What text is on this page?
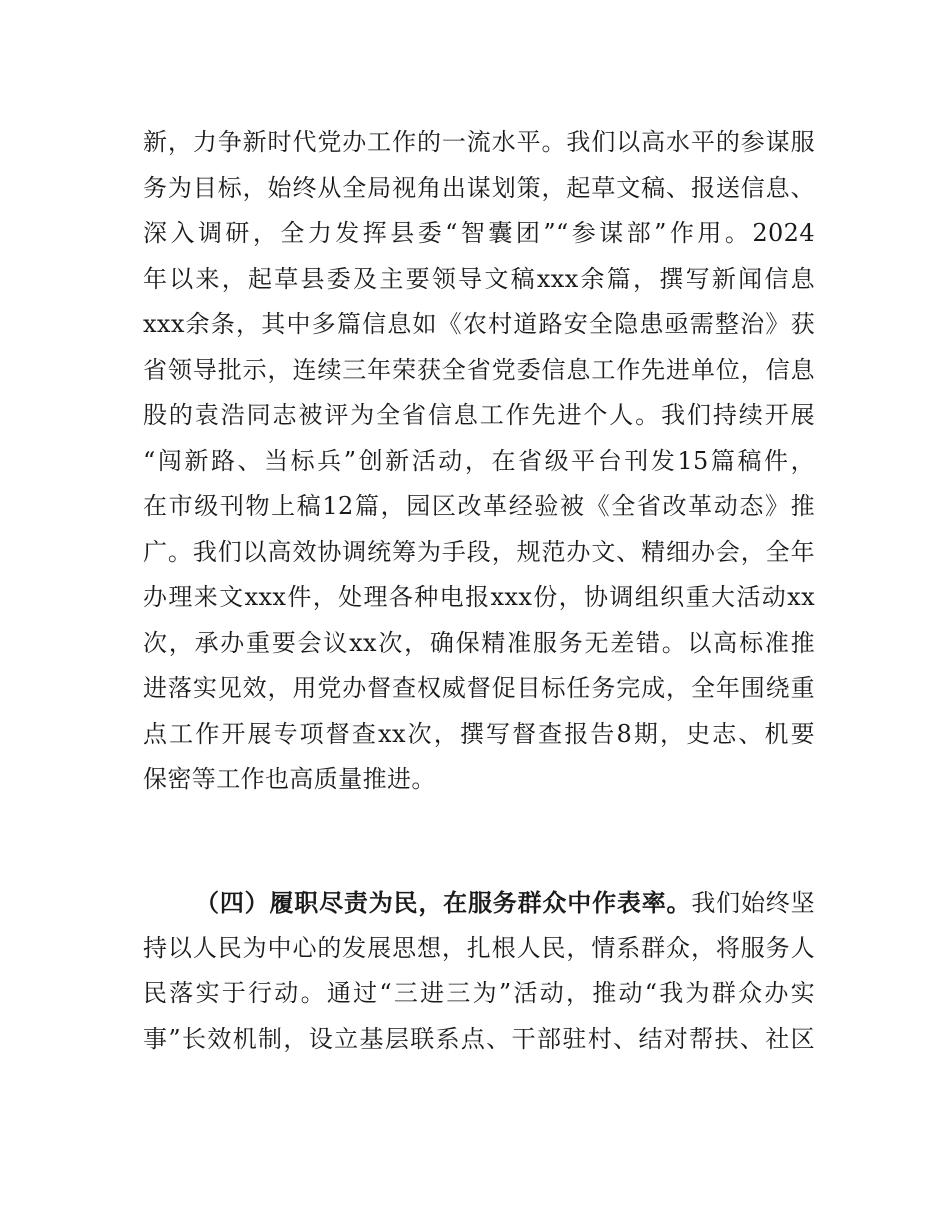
新，力争新时代党办工作的一流水平。我们以高水平的参谋服
务为目标，始终从全局视角出谋划策，起草文稿、报送信息、
深入调研，全力发挥县委“智囊团”“参谋部”作用。2024
年以来，起草县委及主要领导文稿xxx余篇，撰写新闻信息
xxx余条，其中多篇信息如《农村道路安全隐患亟需整治》获
省领导批示，连续三年荣获全省党委信息工作先进单位，信息
股的袁浩同志被评为全省信息工作先进个人。我们持续开展
“闯新路、当标兵”创新活动，在省级平台刊发15篇稿件，
在市级刊物上稿12篇，园区改革经验被《全省改革动态》推
广。我们以高效协调统筹为手段，规范办文、精细办会，全年
办理来文xxx件，处理各种电报xxx份，协调组织重大活动xx
次，承办重要会议xx次，确保精准服务无差错。以高标准推
进落实见效，用党办督查权威督促目标任务完成，全年围绕重
点工作开展专项督查xx次，撰写督查报告8期，史志、机要
保密等工作也高质量推进。
（四）履职尽责为民，在服务群众中作表率。我们始终坚
持以人民为中心的发展思想，扎根人民，情系群众，将服务人
民落实于行动。通过“三进三为”活动，推动“我为群众办实
事”长效机制，设立基层联系点、干部驻村、结对帮扶、社区
